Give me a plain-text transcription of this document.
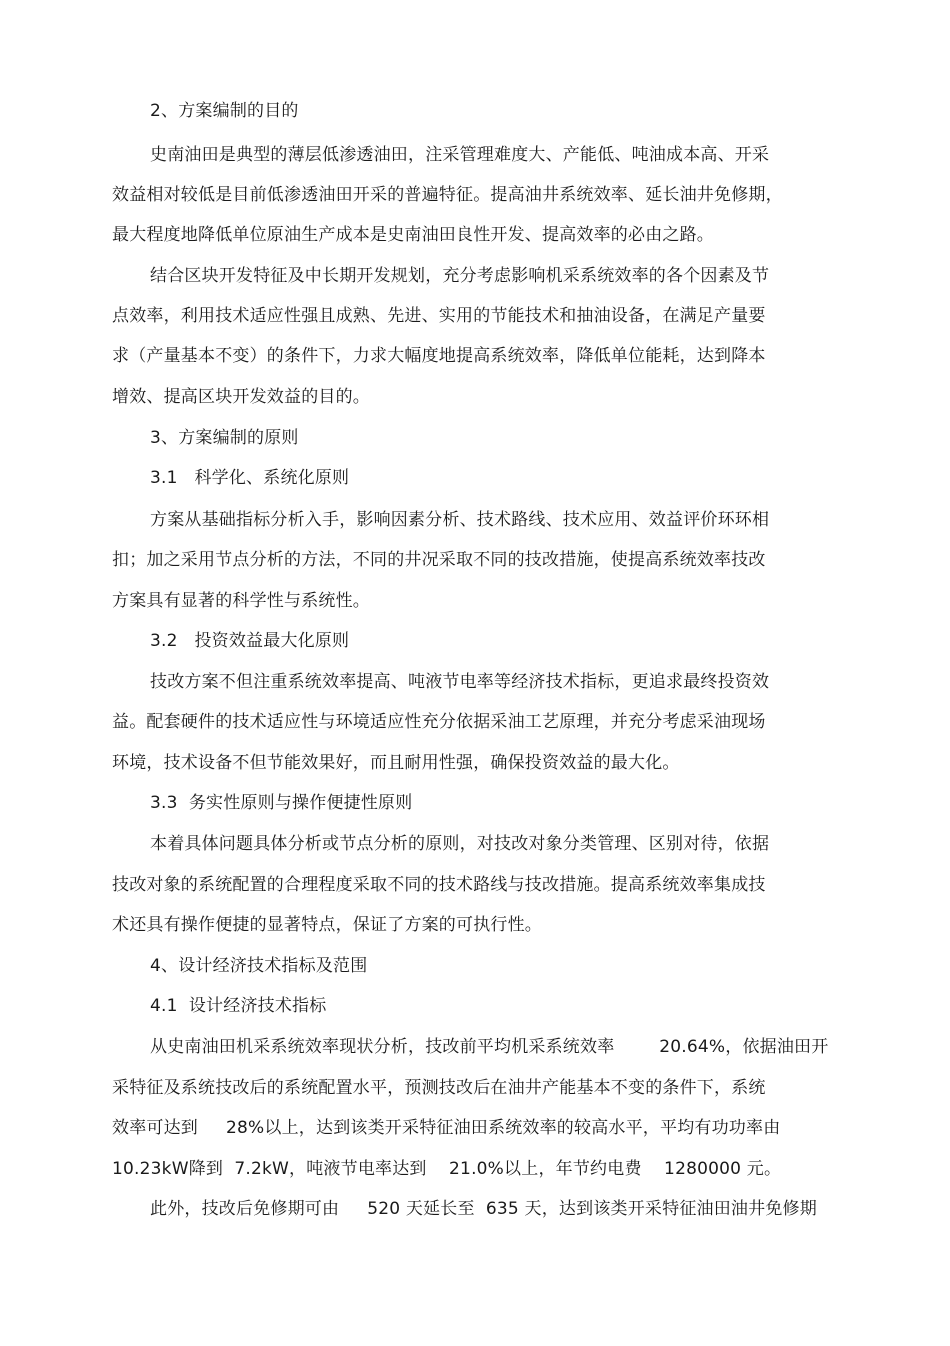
2、方案编制的目的
史南油田是典型的薄层低渗透油田，注采管理难度大、产能低、吨油成本高、开采
效益相对较低是目前低渗透油田开采的普遍特征。提高油井系统效率、延长油井免修期，
最大程度地降低单位原油生产成本是史南油田良性开发、提高效率的必由之路。
结合区块开发特征及中长期开发规划，充分考虑影响机采系统效率的各个因素及节
点效率，利用技术适应性强且成熟、先进、实用的节能技术和抽油设备，在满足产量要
求（产量基本不变）的条件下，力求大幅度地提高系统效率，降低单位能耗，达到降本
增效、提高区块开发效益的目的。
3、方案编制的原则
3.1   科学化、系统化原则
方案从基础指标分析入手，影响因素分析、技术路线、技术应用、效益评价环环相
扣；加之采用节点分析的方法，不同的井况采取不同的技改措施，使提高系统效率技改
方案具有显著的科学性与系统性。
3.2   投资效益最大化原则
技改方案不但注重系统效率提高、吨液节电率等经济技术指标，更追求最终投资效
益。配套硬件的技术适应性与环境适应性充分依据采油工艺原理，并充分考虑采油现场
环境，技术设备不但节能效果好，而且耐用性强，确保投资效益的最大化。
3.3  务实性原则与操作便捷性原则
本着具体问题具体分析或节点分析的原则，对技改对象分类管理、区别对待，依据
技改对象的系统配置的合理程度采取不同的技术路线与技改措施。提高系统效率集成技
术还具有操作便捷的显著特点，保证了方案的可执行性。
4、设计经济技术指标及范围
4.1  设计经济技术指标
从史南油田机采系统效率现状分析，技改前平均机采系统效率        20.64%，依据油田开
采特征及系统技改后的系统配置水平，预测技改后在油井产能基本不变的条件下，系统
效率可达到     28%以上，达到该类开采特征油田系统效率的较高水平，平均有功功率由
10.23kW降到  7.2kW，吨液节电率达到    21.0%以上，年节约电费    1280000 元。
此外，技改后免修期可由     520 天延长至  635 天，达到该类开采特征油田油井免修期
